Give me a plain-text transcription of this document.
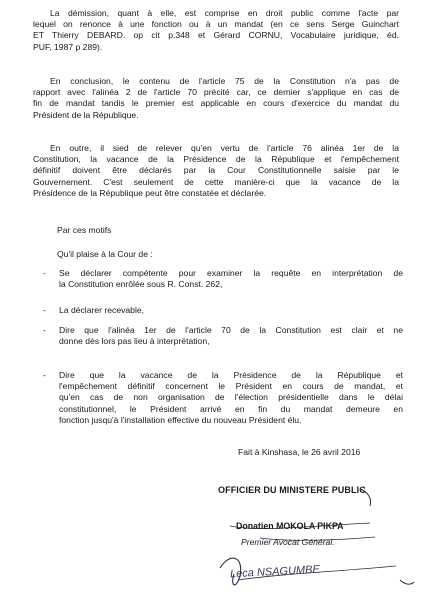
La démission, quant à elle, est comprise en droit public comme l'acte par
lequel on renonce à une fonction ou à un mandat (en ce sens Serge Guinchart
ET Thierry DEBARD. op cit p.348 et Gérard CORNU, Vocabulaire juridique, éd.
PUF, 1987 p 289).
En conclusion, le contenu de l'article 75 de la Constitution n'a pas de
rapport avec l'alinéa 2 de l'article 70 précité car, ce dernier s'applique en cas de
fin de mandat tandis le premier est applicable en cours d'exercice du mandat du
Président de la République.
En outre, il sied de relever qu'en vertu de l'article 76 alinéa 1er de la
Constitution, la vacance de la Présidence de la République et l'empêchement
définitif doivent être déclarés par la Cour Constitutionnelle saisie par le
Gouvernement. C'est seulement de cette manière-ci que la vacance de la
Présidence de la République peut être constatée et déclarée.

Par ces motifs

Qu'il plaise à la Cour de :

- Se déclarer compétente pour examiner la requête en interprétation de
la Constitution enrôlée sous R. Const. 262,
- La déclarer recevable,
- Dire que l'alinéa 1er de l'article 70 de la Constitution est clair et ne
donne dès lors pas lieu à interprétation,
- Dire que la vacance de la Présidence de la République et
l'empêchement définitif concernent le Président en cours de mandat, et
qu'en cas de non organisation de l'élection présidentielle dans le délai
constitutionnel, le Président arrivé en fin du mandat demeure en
fonction jusqu'à l'installation effective du nouveau Président élu.

Fait à Kinshasa, le 26 avril 2016

OFFICIER DU MINISTERE PUBLIC

Donatien MOKOLA PIKPA

Premier Avocat Général.

Leca NSAGUMBE
